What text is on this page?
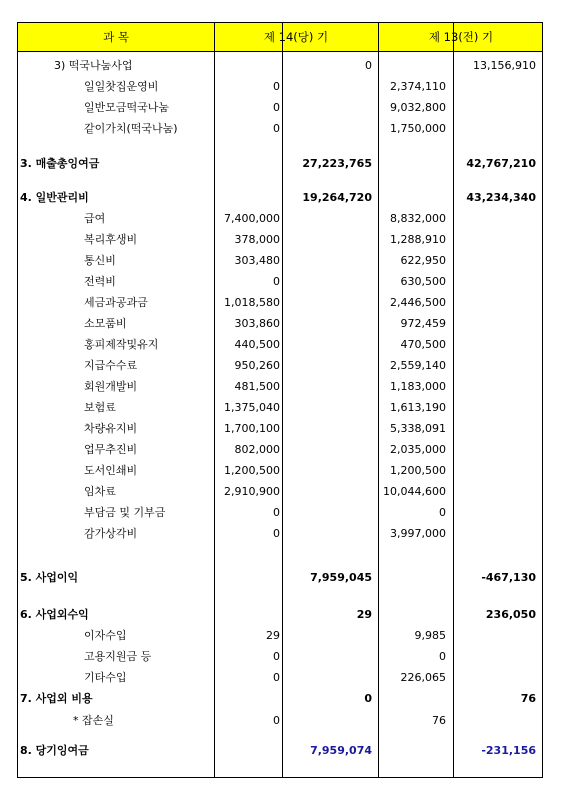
과 목	제 14(당) 기	제 13(전) 기
3) 떡국나눔사업	0	13,156,910
일일찻집운영비	0	2,374,110
일반모금떡국나눔	0	9,032,800
같이가치(떡국나눔)	0	1,750,000
3. 매출총잉여금	27,223,765	42,767,210
4. 일반관리비	19,264,720	43,234,340
급여	7,400,000	8,832,000
복리후생비	378,000	1,288,910
통신비	303,480	622,950
전력비	0	630,500
세금과공과금	1,018,580	2,446,500
소모품비	303,860	972,459
홍피제작및유지	440,500	470,500
지급수수료	950,260	2,559,140
회원개발비	481,500	1,183,000
보험료	1,375,040	1,613,190
차량유지비	1,700,100	5,338,091
업무추진비	802,000	2,035,000
도서인쇄비	1,200,500	1,200,500
임차료	2,910,900	10,044,600
부담금 및 기부금	0	0
감가상각비	0	3,997,000
5. 사업이익	7,959,045	-467,130
6. 사업외수익	29	236,050
이자수입	29	9,985
고용지원금 등	0	0
기타수입	0	226,065
7. 사업외 비용	0	76
* 잡손실	0	76
8. 당기잉여금	7,959,074	-231,156
